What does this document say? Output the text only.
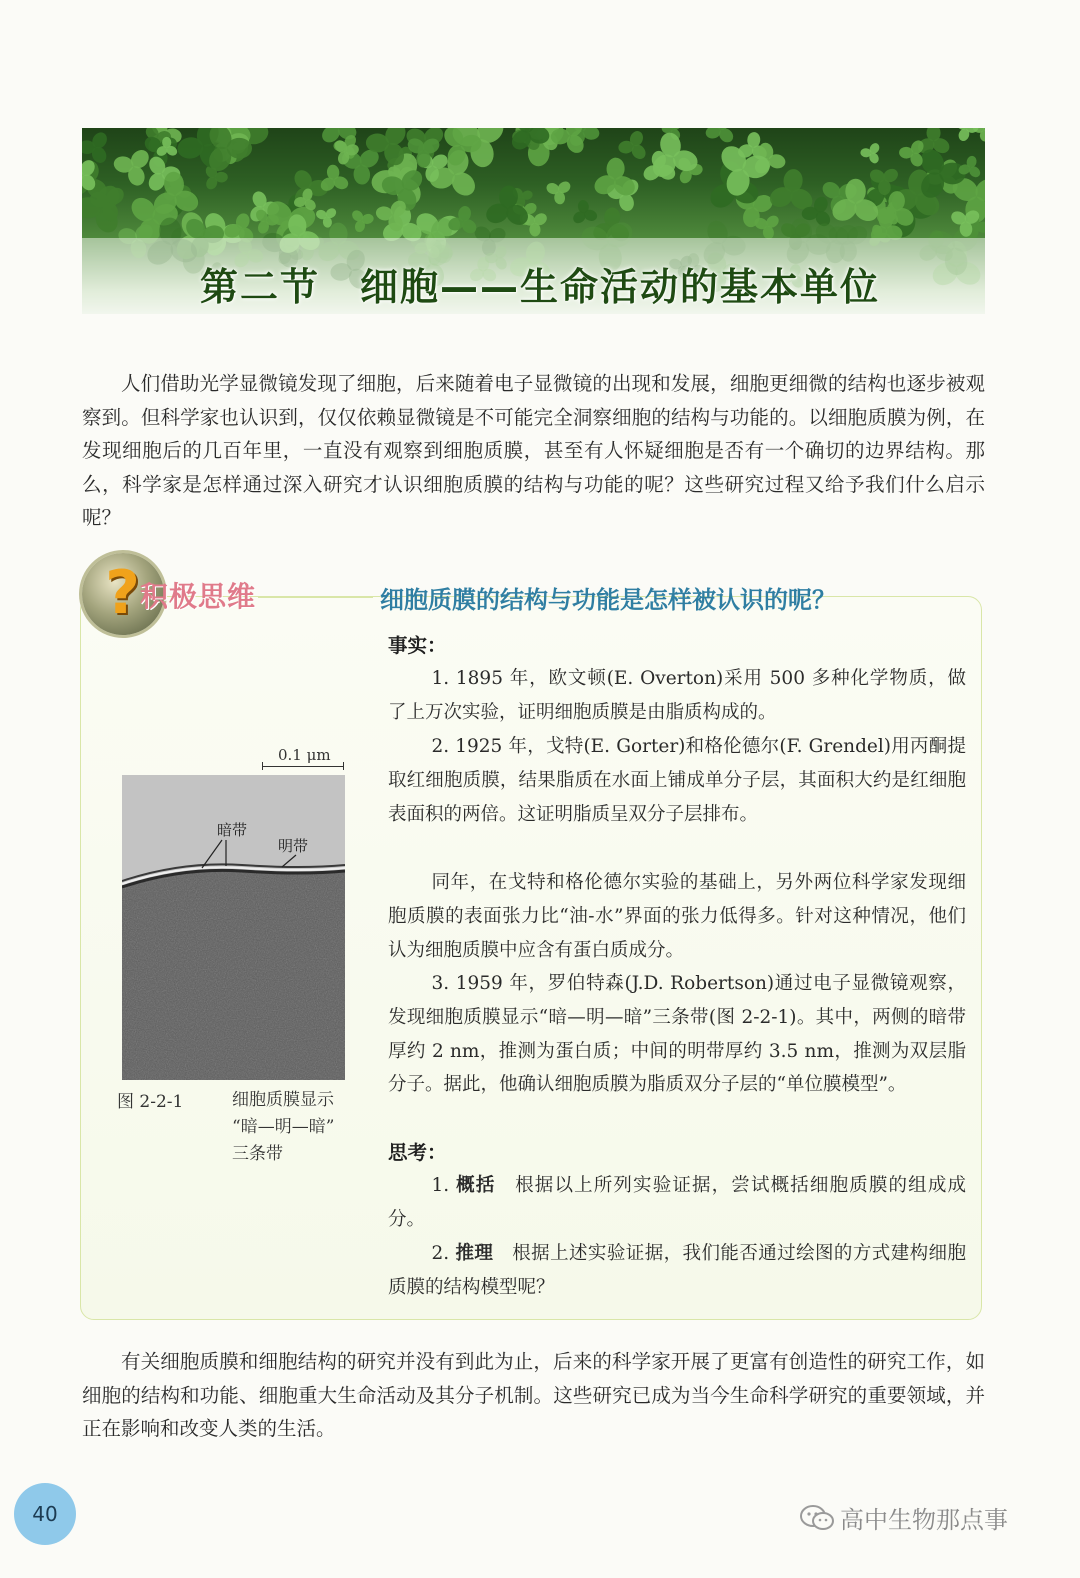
第二节　细胞——生命活动的基本单位

人们借助光学显微镜发现了细胞，后来随着电子显微镜的出现和发展，细胞更细微的结构也逐步被观察到。但科学家也认识到，仅仅依赖显微镜是不可能完全洞察细胞的结构与功能的。以细胞质膜为例，在发现细胞后的几百年里，一直没有观察到细胞质膜，甚至有人怀疑细胞是否有一个确切的边界结构。那么，科学家是怎样通过深入研究才认识细胞质膜的结构与功能的呢？这些研究过程又给予我们什么启示呢？

? 积极思维	细胞质膜的结构与功能是怎样被认识的呢？
事实：

1. 1895 年，欧文顿(E. Overton)采用 500 多种化学物质，做了上万次实验，证明细胞质膜是由脂质构成的。

2. 1925 年，戈特(E. Gorter)和格伦德尔(F. Grendel)用丙酮提取红细胞质膜，结果脂质在水面上铺成单分子层，其面积大约是红细胞表面积的两倍。这证明脂质呈双分子层排布。

同年，在戈特和格伦德尔实验的基础上，另外两位科学家发现细胞质膜的表面张力比“油-水”界面的张力低得多。针对这种情况，他们认为细胞质膜中应含有蛋白质成分。

3. 1959 年，罗伯特森(J.D. Robertson)通过电子显微镜观察，发现细胞质膜显示“暗—明—暗”三条带(图 2-2-1)。其中，两侧的暗带厚约 2 nm，推测为蛋白质；中间的明带厚约 3.5 nm，推测为双层脂分子。据此，他确认细胞质膜为脂质双分子层的“单位膜模型”。

思考：

1. 概括　 根据以上所列实验证据，尝试概括细胞质膜的组成成分。

2. 推理　 根据上述实验证据，我们能否通过绘图的方式建构细胞质膜的结构模型呢？

0.1 μm
暗带
明带
图 2-2-1	细胞质膜显示
“暗—明—暗”
三条带

有关细胞质膜和细胞结构的研究并没有到此为止，后来的科学家开展了更富有创造性的研究工作，如细胞的结构和功能、细胞重大生命活动及其分子机制。这些研究已成为当今生命科学研究的重要领域，并正在影响和改变人类的生活。

40	高中生物那点事
